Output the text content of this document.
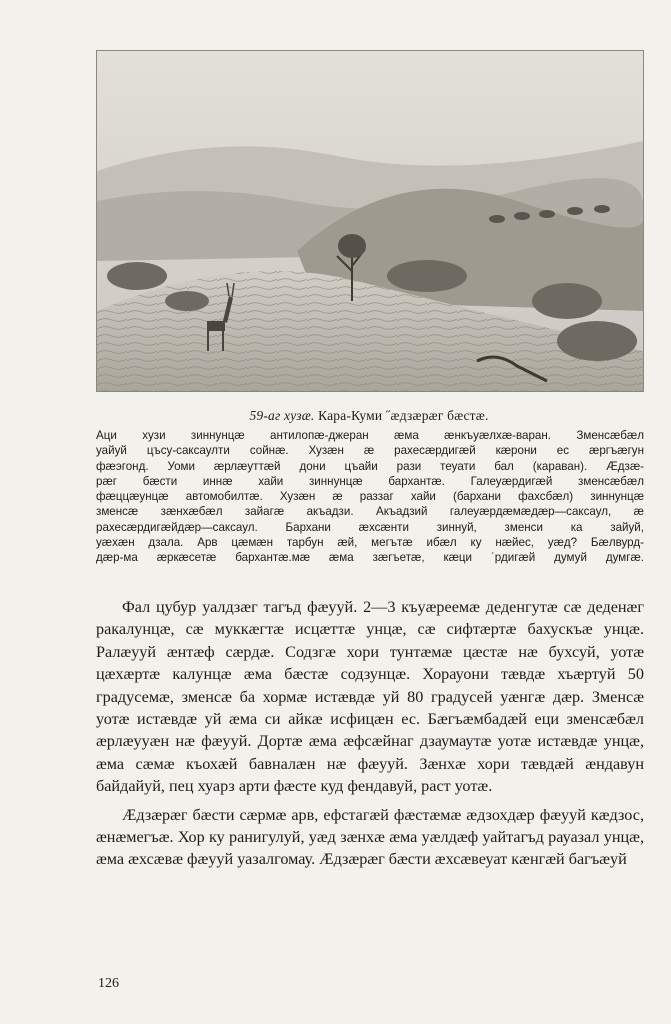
59-аг хузæ. Кара-Куми ˝æдзæрæг бæстæ.

Аци хузи зиннунцæ антилопæ-джеран æма æнкъуæлхæ-варан. Зменсæбæл

уайуй цъсу-саксаулти сойнæ. Хузæн æ рахесæрдигæй кæрони ес æргъæгун

фæэгонд. Уоми æрлæуттæй дони цъайи рази теуати бал (караван). Æдзæ-

рæг бæсти иннæ хайи зиннунцæ бархантæ. Галеуæрдигæй зменсæбæл

фæццæунцæ автомобилтæ. Хузæн æ раззаг хайи (бархани фахсбæл) зиннунцæ

зменсæ зæнхæбæл зайагæ акъадзи. Акъадзий галеуæрдæмæдæр—саксаул, æ

рахесæрдигæйдæр—саксаул. Бархани æхсæнти зиннуй, зменси ка зайуй,

уæхæн дзала. Арв цæмæн тарбун æй, мегътæ ибæл ку нæйес, уæд? Бæлвурд-

дæр-ма æркæсетæ бархантæ.мæ æма зæгъетæ, кæци ˈрдигæй думуй думгæ.

Фал цубур уалдзæг тагъд фæууй. 2—3 къуæреемæ деденгутæ сæ деденæг ракалунцæ, сæ муккæгтæ исцæттæ унцæ, сæ сифтæртæ бахускъæ унцæ. Ралæууй æнтæф сæрдæ. Содзгæ хори тунтæмæ цæстæ нæ бухсуй, уотæ цæхæртæ калунцæ æма бæстæ содзунцæ. Хорауони тæвдæ хъæртуй 50 градусемæ, зменсæ ба хормæ иcтæвдæ уй 80 градусей уæнгæ дæр. Зменсæ уотæ иcтæвдæ уй æма си айкæ исфицæн ес. Бæгъæмбадæй еци зменсæбæл æрлæууæн нæ фæууй. Дортæ æма æфсæйнаг дзаумаутæ уотæ иcтæвдæ унцæ, æма сæмæ къохæй бавналæн нæ фæууй. Зæнхæ хори тæвдæй æндавун байдайуй, пец хуарз арти фæсте куд фендавуй, раст уотæ.

Æдзæрæг бæсти сæрмæ арв, ефстагæй фæстæмæ æдзохдæр фæууй кæдзос, æнæмегъæ. Хор ку ранигулуй, уæд зæнхæ æма уæлдæф уайтагъд рауазал унцæ, æма æхсæвæ фæууй уазалгомау. Æдзæрæг бæсти æхсæвеуат кæнгæй багъæуй

126
